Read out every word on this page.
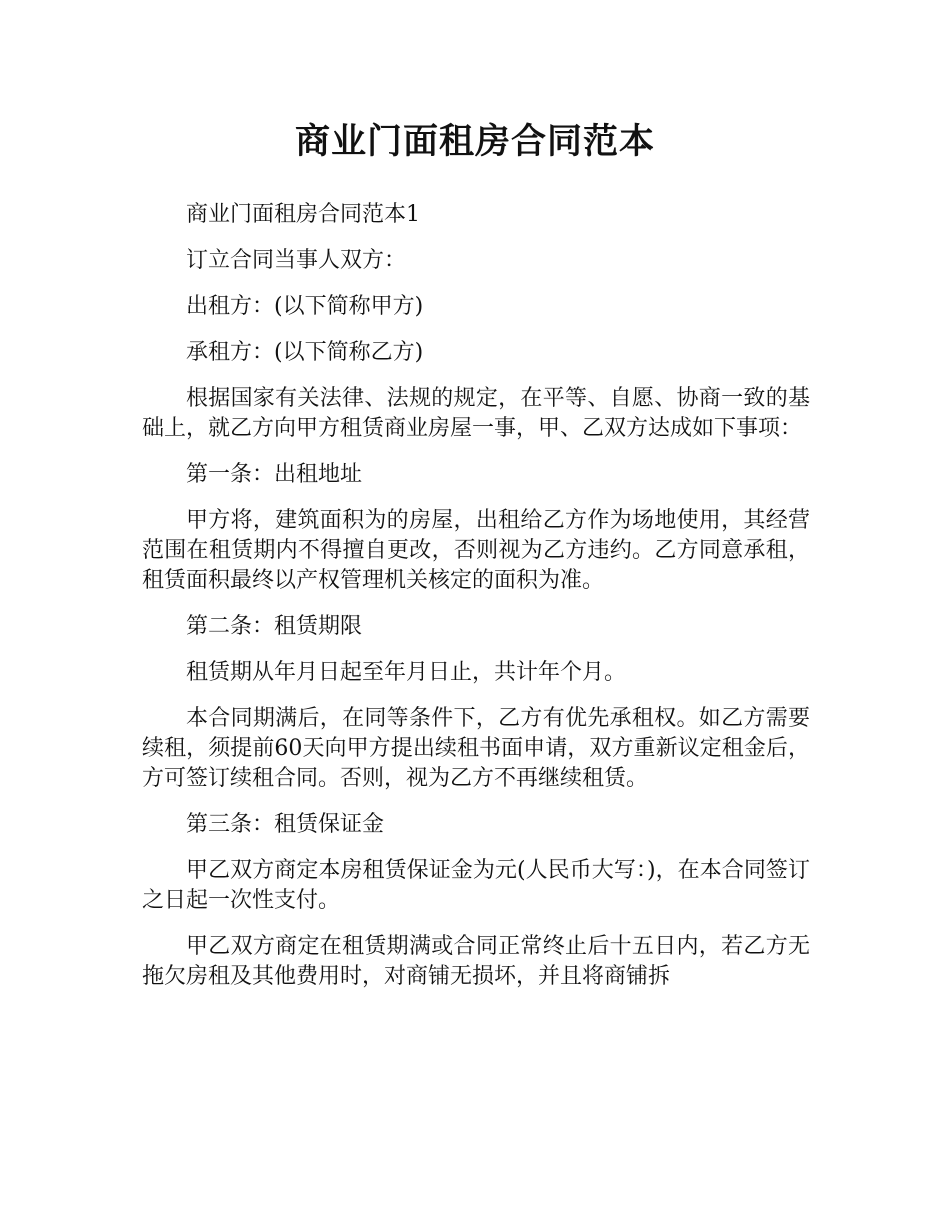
商业门面租房合同范本

商业门面租房合同范本1

订立合同当事人双方：

出租方：(以下简称甲方)

承租方：(以下简称乙方)

根据国家有关法律、法规的规定，在平等、自愿、协商一致的基础上，就乙方向甲方租赁商业房屋一事，甲、乙双方达成如下事项：

第一条：出租地址

甲方将，建筑面积为的房屋，出租给乙方作为场地使用，其经营范围在租赁期内不得擅自更改，否则视为乙方违约。乙方同意承租，租赁面积最终以产权管理机关核定的面积为准。

第二条：租赁期限

租赁期从年月日起至年月日止，共计年个月。

本合同期满后，在同等条件下，乙方有优先承租权。如乙方需要续租，须提前60天向甲方提出续租书面申请，双方重新议定租金后，方可签订续租合同。否则，视为乙方不再继续租赁。

第三条：租赁保证金

甲乙双方商定本房租赁保证金为元(人民币大写：)，在本合同签订之日起一次性支付。

甲乙双方商定在租赁期满或合同正常终止后十五日内，若乙方无拖欠房租及其他费用时，对商铺无损坏，并且将商铺拆
